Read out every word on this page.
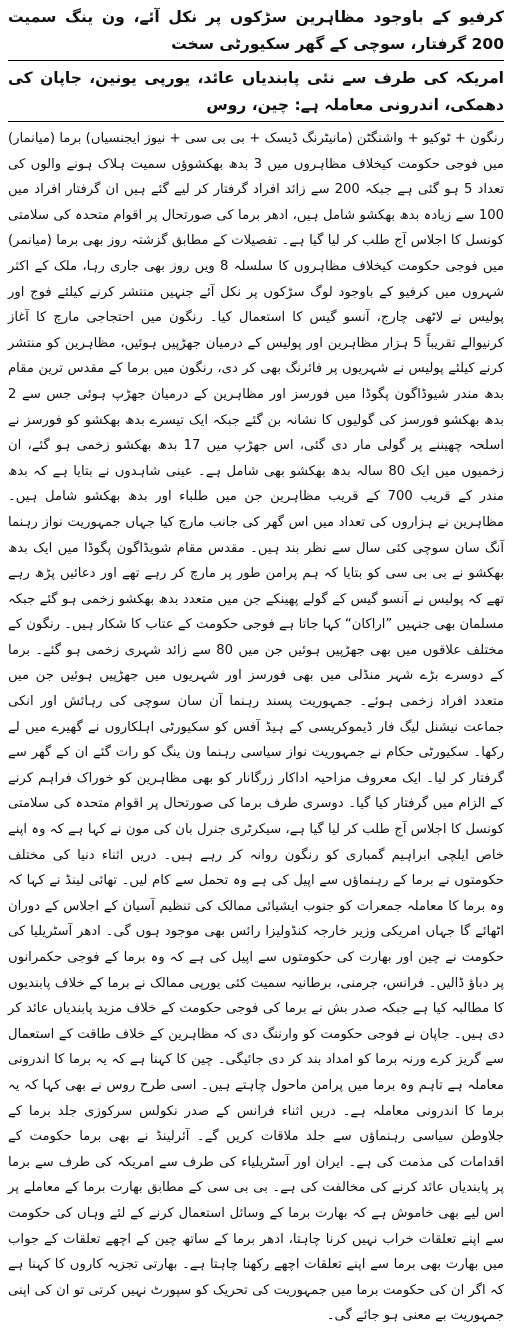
کرفیو کے باوجود مظاہرین سڑکوں پر نکل آئے، ون ینگ سمیت 200 گرفتار، سوچی کے گھر سکیورٹی سخت
امریکہ کی طرف سے نئی پابندیاں عائد، یورپی یونین، جاپان کی دھمکی، اندرونی معاملہ ہے: چین، روس

رنگون + ٹوکیو + واشنگٹن (مانیٹرنگ ڈیسک + بی بی سی + نیوز ایجنسیاں) برما (میانمار) میں فوجی حکومت کیخلاف مظاہروں میں 3 بدھ بھکشوؤں سمیت ہلاک ہونے والوں کی تعداد 5 ہو گئی ہے جبکہ 200 سے زائد افراد گرفتار کر لیے گئے ہیں ان گرفتار افراد میں 100 سے زیادہ بدھ بھکشو شامل ہیں، ادھر برما کی صورتحال پر اقوام متحدہ کی سلامتی کونسل کا اجلاس آج طلب کر لیا گیا ہے۔ تفصیلات کے مطابق گزشتہ روز بھی برما (میانمر) میں فوجی حکومت کیخلاف مظاہروں کا سلسلہ 8 ویں روز بھی جاری رہا، ملک کے اکثر شہروں میں کرفیو کے باوجود لوگ سڑکوں پر نکل آئے جنہیں منتشر کرنے کیلئے فوج اور پولیس نے لاٹھی چارج، آنسو گیس کا استعمال کیا۔ رنگون میں احتجاجی مارچ کا آغاز کرنیوالے تقریباً 5 ہزار مظاہرین اور پولیس کے درمیان جھڑپیں ہوئیں، مظاہرین کو منتشر کرنے کیلئے پولیس نے شہریوں پر فائرنگ بھی کر دی، رنگون میں برما کے مقدس ترین مقام بدھ مندر شیوڈاگون پگوڈا میں فورسز اور مظاہرین کے درمیان جھڑپ ہوئی جس سے 2 بدھ بھکشو فورسز کی گولیوں کا نشانہ بن گئے جبکہ ایک تیسرے بدھ بھکشو کو فورسز نے اسلحہ چھیننے پر گولی مار دی گئی، اس جھڑپ میں 17 بدھ بھکشو زخمی ہو گئے، ان زخمیوں میں ایک 80 سالہ بدھ بھکشو بھی شامل ہے۔ عینی شاہدوں نے بتایا ہے کہ بدھ مندر کے قریب 700 کے قریب مظاہرین جن میں طلباء اور بدھ بھکشو شامل ہیں۔ مظاہرین نے ہزاروں کی تعداد میں اس گھر کی جانب مارچ کیا جہاں جمہوریت نواز رہنما آنگ سان سوچی کئی سال سے نظر بند ہیں۔ مقدس مقام شویڈاگون پگوڈا میں ایک بدھ بھکشو نے بی بی سی کو بتایا کہ ہم پرامن طور پر مارچ کر رہے تھے اور دعائیں پڑھ رہے تھے کہ پولیس نے آنسو گیس کے گولے پھینکے جن میں متعدد بدھ بھکشو زخمی ہو گئے جبکہ مسلمان بھی جنہیں ”اراکان“ کہا جاتا ہے فوجی حکومت کے عتاب کا شکار ہیں۔ رنگون کے مختلف علاقوں میں بھی جھڑپیں ہوئیں جن میں 80 سے زائد شہری زخمی ہو گئے۔ برما کے دوسرے بڑے شہر منڈلی میں بھی فورسز اور شہریوں میں جھڑپیں ہوئیں جن میں متعدد افراد زخمی ہوئے۔ جمہوریت پسند رہنما آن سان سوچی کی رہائش اور انکی جماعت نیشنل لیگ فار ڈیموکریسی کے ہیڈ آفس کو سکیورٹی اہلکاروں نے گھیرے میں لے رکھا۔ سکیورٹی حکام نے جمہوریت نواز سیاسی رہنما ون ینگ کو رات گئے ان کے گھر سے گرفتار کر لیا۔ ایک معروف مزاحیہ اداکار زرگانار کو بھی مظاہرین کو خوراک فراہم کرنے کے الزام میں گرفتار کیا گیا۔ دوسری طرف برما کی صورتحال پر اقوام متحدہ کی سلامتی کونسل کا اجلاس آج طلب کر لیا گیا ہے، سیکرٹری جنرل بان کی مون نے کہا ہے کہ وہ اپنے خاص ایلچی ابراہیم گمباری کو رنگون روانہ کر رہے ہیں۔ دریں اثناء دنیا کی مختلف حکومتوں نے برما کے رہنماؤں سے اپیل کی ہے وہ تحمل سے کام لیں۔ تھائی لینڈ نے کہا کہ وہ برما کا معاملہ جمعرات کو جنوب ایشیائی ممالک کی تنظیم آسیان کے اجلاس کے دوران اٹھائے گا جہاں امریکی وزیر خارجہ کنڈولیزا رائس بھی موجود ہوں گی۔ ادھر آسٹریلیا کی حکومت نے چین اور بھارت کی حکومتوں سے اپیل کی ہے کہ وہ برما کے فوجی حکمرانوں پر دباؤ ڈالیں۔ فرانس، جرمنی، برطانیہ سمیت کئی یورپی ممالک نے برما کے خلاف پابندیوں کا مطالبہ کیا ہے جبکہ صدر بش نے برما کی فوجی حکومت کے خلاف مزید پابندیاں عائد کر دی ہیں۔ جاپان نے فوجی حکومت کو وارننگ دی کہ مظاہرین کے خلاف طاقت کے استعمال سے گریز کرے ورنہ برما کو امداد بند کر دی جائیگی۔ چین کا کہنا ہے کہ یہ برما کا اندرونی معاملہ ہے تاہم وہ برما میں پرامن ماحول چاہتے ہیں۔ اسی طرح روس نے بھی کہا کہ یہ برما کا اندرونی معاملہ ہے۔ دریں اثناء فرانس کے صدر نکولس سرکوزی جلد برما کے جلاوطن سیاسی رہنماؤں سے جلد ملاقات کریں گے۔ آئرلینڈ نے بھی برما حکومت کے اقدامات کی مذمت کی ہے۔ ایران اور آسٹریلیاء کی طرف سے امریکہ کی طرف سے برما پر پابندیاں عائد کرنے کی مخالفت کی ہے۔ بی بی سی کے مطابق بھارت برما کے معاملے پر اس لیے بھی خاموش ہے کہ بھارت برما کے وسائل استعمال کرنے کے لئے وہاں کی حکومت سے اپنے تعلقات خراب نہیں کرنا چاہتا، ادھر برما کے ساتھ چین کے اچھے تعلقات کے جواب میں بھارت بھی برما سے اپنے تعلقات اچھے رکھنا چاہتا ہے۔ بھارتی تجزیہ کاروں کا کہنا ہے کہ اگر ان کی حکومت برما میں جمہوریت کی تحریک کو سپورٹ نہیں کرتی تو ان کی اپنی جمہوریت بے معنی ہو جائے گی۔
